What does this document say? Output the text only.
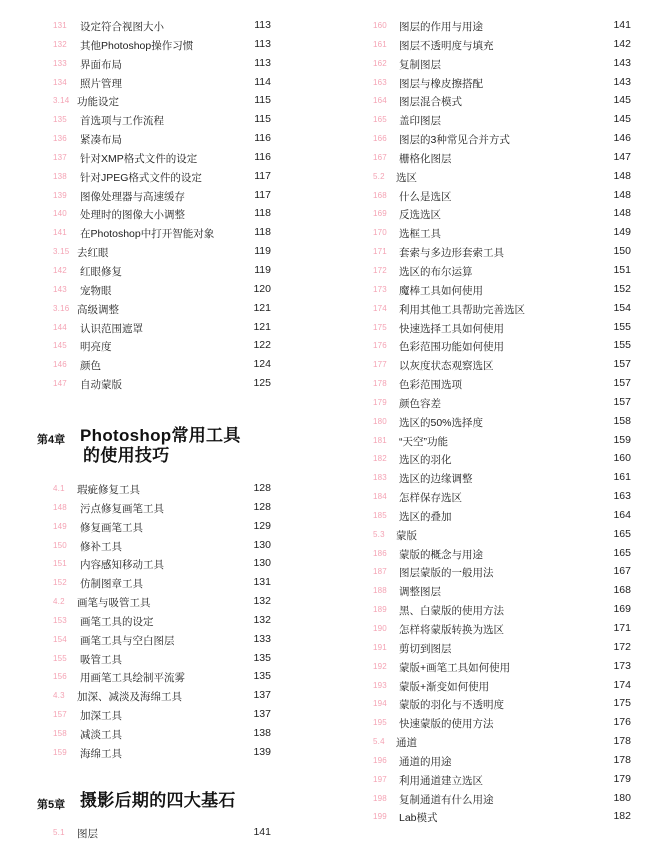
131 设定符合视图大小	113
132 其他Photoshop操作习惯	113
133 界面布局	113
134 照片管理	114
3.14 功能设定	115
135 首选项与工作流程	115
136 紧凑布局	116
137 针对XMP格式文件的设定	116
138 针对JPEG格式文件的设定	117
139 图像处理器与高速缓存	117
140 处理时的图像大小调整	118
141 在Photoshop中打开智能对象	118
3.15 去红眼	119
142 红眼修复	119
143 宠物眼	120
3.16 高级调整	121
144 认识范围遮罩	121
145 明亮度	122
146 颜色	124
147 自动蒙版	125
第4章 Photoshop常用工具
的使用技巧
4.1 瑕疵修复工具	128
148 污点修复画笔工具	128
149 修复画笔工具	129
150 修补工具	130
151 内容感知移动工具	130
152 仿制图章工具	131
4.2 画笔与吸管工具	132
153 画笔工具的设定	132
154 画笔工具与空白图层	133
155 吸管工具	135
156 用画笔工具绘制平流雾	135
4.3 加深、减淡及海绵工具	137
157 加深工具	137
158 减淡工具	138
159 海绵工具	139
第5章 摄影后期的四大基石
5.1 图层	141
160 图层的作用与用途	141
161 图层不透明度与填充	142
162 复制图层	143
163 图层与橡皮擦搭配	143
164 图层混合模式	145
165 盖印图层	145
166 图层的3种常见合并方式	146
167 栅格化图层	147
5.2 选区	148
168 什么是选区	148
169 反选选区	148
170 选框工具	149
171 套索与多边形套索工具	150
172 选区的布尔运算	151
173 魔棒工具如何使用	152
174 利用其他工具帮助完善选区	154
175 快速选择工具如何使用	155
176 色彩范围功能如何使用	155
177 以灰度状态观察选区	157
178 色彩范围选项	157
179 颜色容差	157
180 选区的50%选择度	158
181 “天空”功能	159
182 选区的羽化	160
183 选区的边缘调整	161
184 怎样保存选区	163
185 选区的叠加	164
5.3 蒙版	165
186 蒙版的概念与用途	165
187 图层蒙版的一般用法	167
188 调整图层	168
189 黑、白蒙版的使用方法	169
190 怎样将蒙版转换为选区	171
191 剪切到图层	172
192 蒙版+画笔工具如何使用	173
193 蒙版+渐变如何使用	174
194 蒙版的羽化与不透明度	175
195 快速蒙版的使用方法	176
5.4 通道	178
196 通道的用途	178
197 利用通道建立选区	179
198 复制通道有什么用途	180
199 Lab模式	182
